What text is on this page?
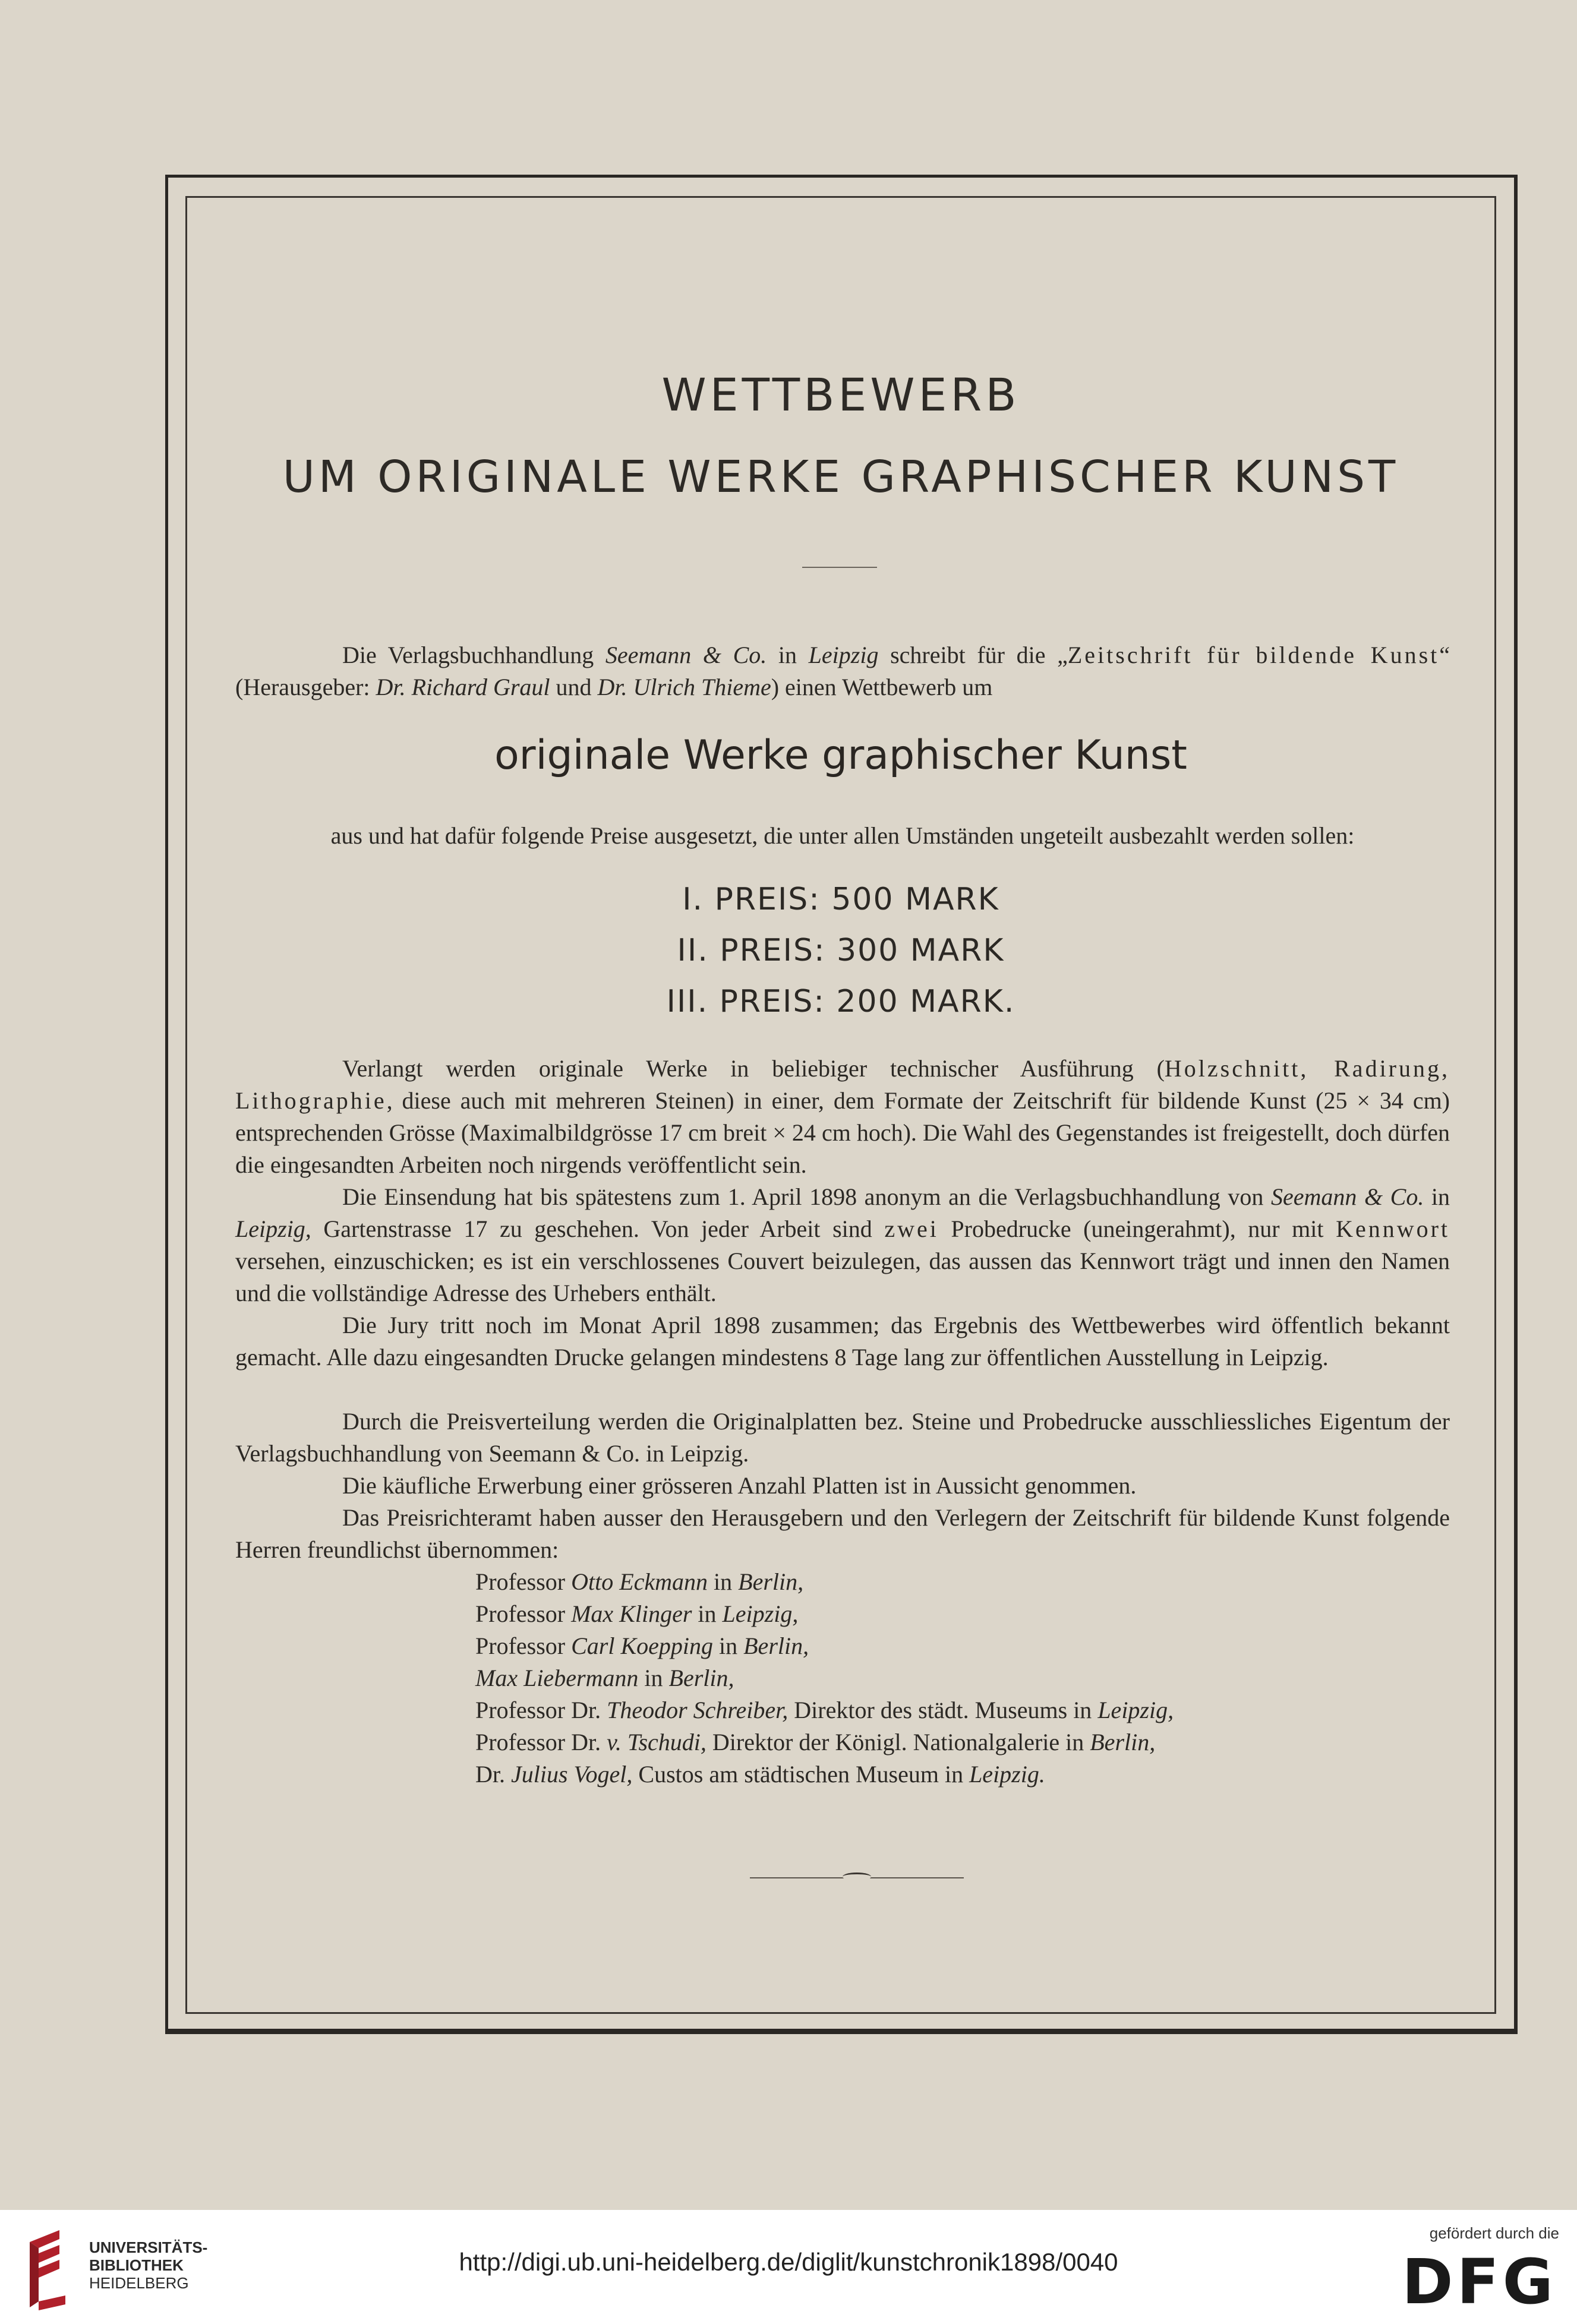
WETTBEWERB
UM ORIGINALE WERKE GRAPHISCHER KUNST

Die Verlagsbuchhandlung Seemann & Co. in Leipzig schreibt für die „Zeitschrift für bildende Kunst“ (Herausgeber: Dr. Richard Graul und Dr. Ulrich Thieme) einen Wettbewerb um

originale Werke graphischer Kunst

aus und hat dafür folgende Preise ausgesetzt, die unter allen Umständen ungeteilt ausbezahlt werden sollen:

I. PREIS: 500 MARK

II. PREIS: 300 MARK

III. PREIS: 200 MARK.

Verlangt werden originale Werke in beliebiger technischer Ausführung (Holzschnitt, Radirung, Lithographie, diese auch mit mehreren Steinen) in einer, dem Formate der Zeitschrift für bildende Kunst (25 × 34 cm) entsprechenden Grösse (Maximalbildgrösse 17 cm breit × 24 cm hoch). Die Wahl des Gegenstandes ist freigestellt, doch dürfen die eingesandten Arbeiten noch nirgends veröffentlicht sein.

Die Einsendung hat bis spätestens zum 1. April 1898 anonym an die Verlagsbuchhandlung von Seemann & Co. in Leipzig, Gartenstrasse 17 zu geschehen. Von jeder Arbeit sind zwei Probedrucke (uneingerahmt), nur mit Kennwort versehen, einzuschicken; es ist ein verschlossenes Couvert beizulegen, das aussen das Kennwort trägt und innen den Namen und die vollständige Adresse des Urhebers enthält.

Die Jury tritt noch im Monat April 1898 zusammen; das Ergebnis des Wettbewerbes wird öffentlich bekannt gemacht. Alle dazu eingesandten Drucke gelangen mindestens 8 Tage lang zur öffentlichen Ausstellung in Leipzig.

Durch die Preisverteilung werden die Originalplatten bez. Steine und Probedrucke ausschliessliches Eigentum der Verlagsbuchhandlung von Seemann & Co. in Leipzig.

Die käufliche Erwerbung einer grösseren Anzahl Platten ist in Aussicht genommen.

Das Preisrichteramt haben ausser den Herausgebern und den Verlegern der Zeitschrift für bildende Kunst folgende Herren freundlichst übernommen:

Professor Otto Eckmann in Berlin,
Professor Max Klinger in Leipzig,
Professor Carl Koepping in Berlin,
Max Liebermann in Berlin,
Professor Dr. Theodor Schreiber, Direktor des städt. Museums in Leipzig,
Professor Dr. v. Tschudi, Direktor der Königl. Nationalgalerie in Berlin,
Dr. Julius Vogel, Custos am städtischen Museum in Leipzig.
UNIVERSITÄTS-
BIBLIOTHEK
HEIDELBERG
http://digi.ub.uni-heidelberg.de/diglit/kunstchronik1898/0040
gefördert durch die
DFG
